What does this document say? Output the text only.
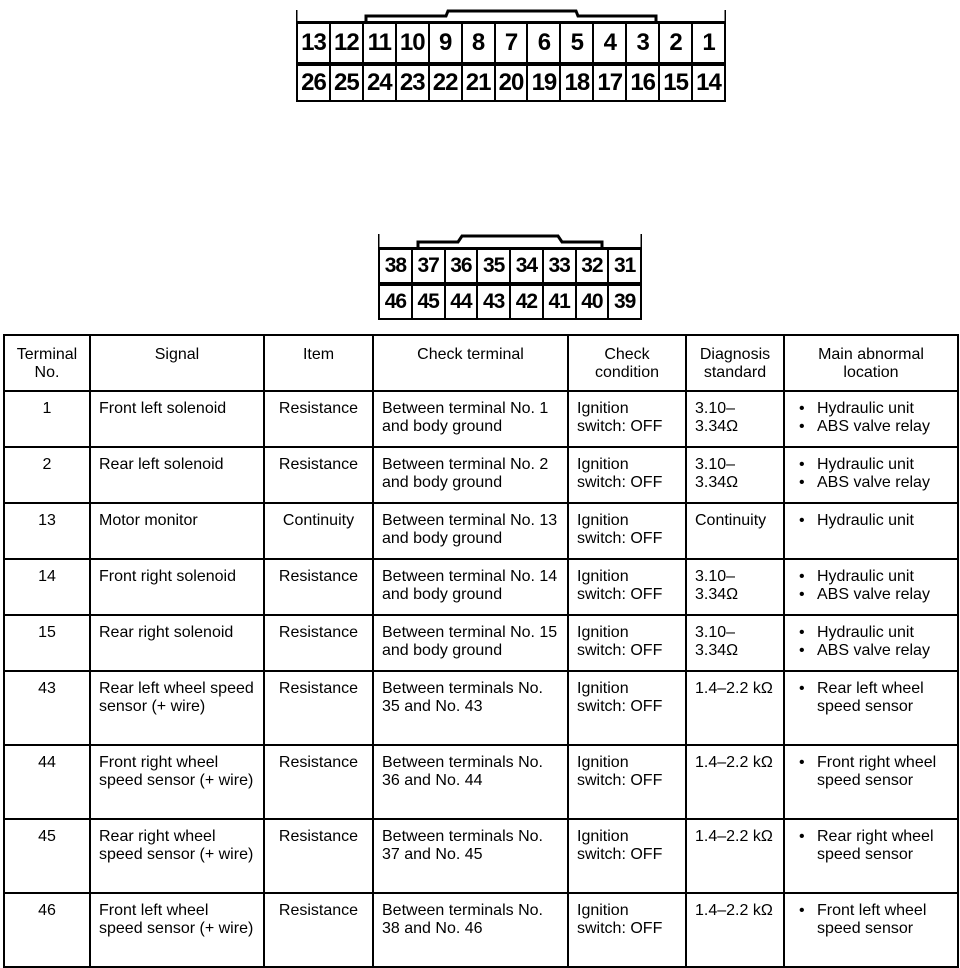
13 12 11 10 9 8 7 6 5 4 3 2 1
26 25 24 23 22 21 20 19 18 17 16 15 14
38 37 36 35 34 33 32 31
46 45 44 43 42 41 40 39
Terminal No.	Signal	Item	Check terminal	Check condition	Diagnosis standard	Main abnormal location
1	Front left solenoid	Resistance	Between terminal No. 1 and body ground	Ignition switch: OFF	3.10–3.34Ω	• Hydraulic unit
• ABS valve relay

2	Rear left solenoid	Resistance	Between terminal No. 2 and body ground	Ignition switch: OFF	3.10–3.34Ω	• Hydraulic unit
• ABS valve relay

13	Motor monitor	Continuity	Between terminal No. 13 and body ground	Ignition switch: OFF	Continuity	• Hydraulic unit

14	Front right solenoid	Resistance	Between terminal No. 14 and body ground	Ignition switch: OFF	3.10–3.34Ω	• Hydraulic unit
• ABS valve relay

15	Rear right solenoid	Resistance	Between terminal No. 15 and body ground	Ignition switch: OFF	3.10–3.34Ω	• Hydraulic unit
• ABS valve relay

43	Rear left wheel speed sensor (+ wire)	Resistance	Between terminals No. 35 and No. 43	Ignition switch: OFF	1.4–2.2 kΩ	• Rear left wheel speed sensor

44	Front right wheel speed sensor (+ wire)	Resistance	Between terminals No. 36 and No. 44	Ignition switch: OFF	1.4–2.2 kΩ	• Front right wheel speed sensor

45	Rear right wheel speed sensor (+ wire)	Resistance	Between terminals No. 37 and No. 45	Ignition switch: OFF	1.4–2.2 kΩ	• Rear right wheel speed sensor

46	Front left wheel speed sensor (+ wire)	Resistance	Between terminals No. 38 and No. 46	Ignition switch: OFF	1.4–2.2 kΩ	• Front left wheel speed sensor
